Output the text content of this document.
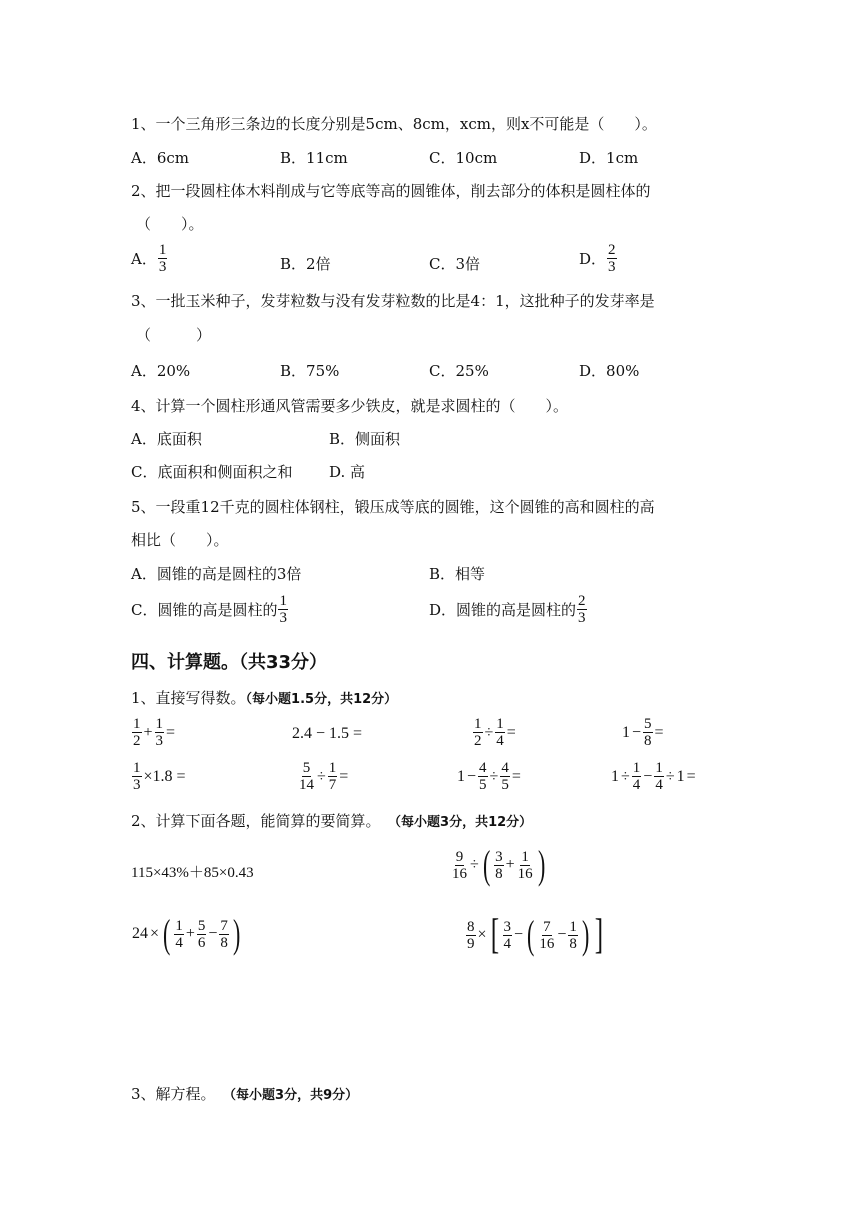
1、一个三角形三条边的长度分别是5cm、8cm，xcm，则x不可能是（　　）。
A．6cm	B．11cm	C．10cm	D．1cm
2、把一段圆柱体木料削成与它等底等高的圆锥体，削去部分的体积是圆柱体的
（　　）。
A． $\frac{1}{3}$	B．2倍	C．3倍	D． $\frac{2}{3}$
3、一批玉米种子，发芽粒数与没有发芽粒数的比是4：1，这批种子的发芽率是
（　　　）
A．20%	B．75%	C．25%	D．80%
4、计算一个圆柱形通风管需要多少铁皮，就是求圆柱的（　　）。
A．底面积	B．侧面积
C．底面积和侧面积之和 D. 高
5、一段重12千克的圆柱体钢柱，锻压成等底的圆锥，这个圆锥的高和圆柱的高
相比（　　）。
A．圆锥的高是圆柱的3倍	B．相等
C．圆锥的高是圆柱的 $\frac{1}{3}$	D．圆锥的高是圆柱的 $\frac{2}{3}$
四、计算题。（共33分）
1、直接写得数。（每小题1.5分，共12分）
$\frac{1}{2} + \frac{1}{3}$ =	2.4 − 1.5 =	$\frac{1}{2} \div \frac{1}{4}$ =	$1 - \frac{5}{8}$ =
$\frac{1}{3} \times 1.8$ =	$\frac{5}{14} \div \frac{1}{7}$ =	$1 - \frac{4}{5} \div \frac{4}{5}$ =	$1 \div \frac{1}{4} - \frac{1}{4} \div 1$ =
2、计算下面各题，能简算的要简算。 （每小题3分，共12分）
115×43%＋85×0.43	$\frac{9}{16}$ ÷ ( $\frac{3}{8} + \frac{1}{16}$ )
24 × ( $\frac{1}{4} + \frac{5}{6} - \frac{7}{8}$ )	$\frac{8}{9}$ × [ $\frac{3}{4}$ − ( $\frac{7}{16} - \frac{1}{8}$ ) ]
3、解方程。 （每小题3分，共9分）
